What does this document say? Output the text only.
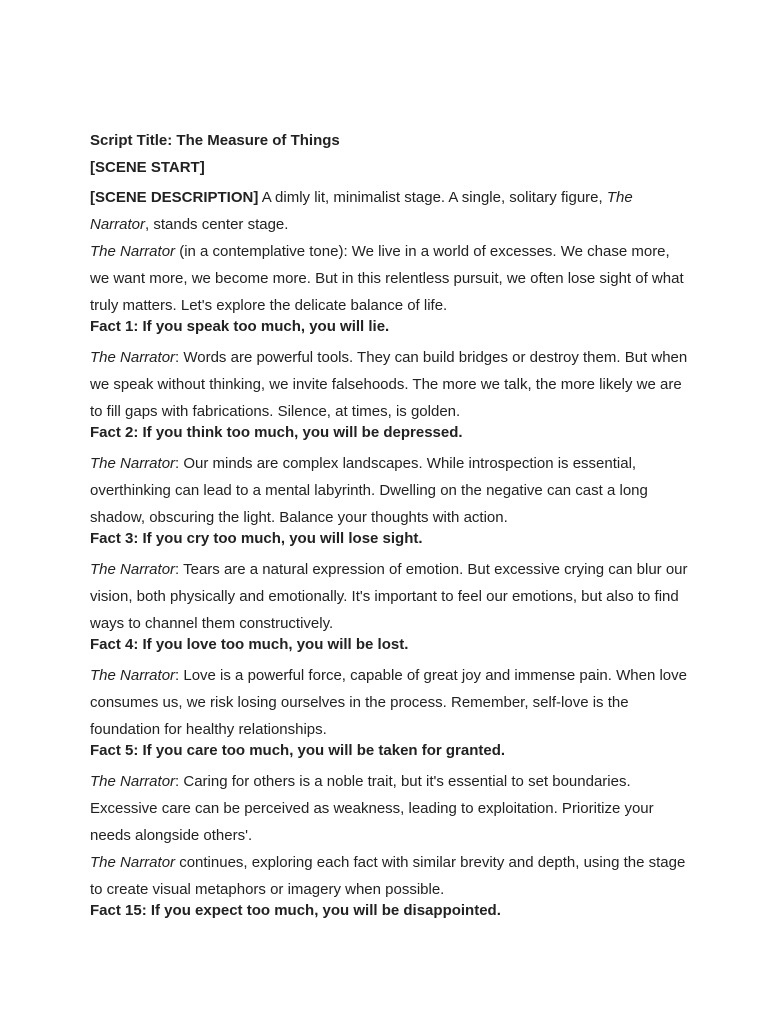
Script Title: The Measure of Things

[SCENE START]

[SCENE DESCRIPTION] A dimly lit, minimalist stage. A single, solitary figure, The Narrator, stands center stage.

The Narrator (in a contemplative tone): We live in a world of excesses. We chase more, we want more, we become more. But in this relentless pursuit, we often lose sight of what truly matters. Let's explore the delicate balance of life.

Fact 1: If you speak too much, you will lie.

The Narrator: Words are powerful tools. They can build bridges or destroy them. But when we speak without thinking, we invite falsehoods. The more we talk, the more likely we are to fill gaps with fabrications. Silence, at times, is golden.

Fact 2: If you think too much, you will be depressed.

The Narrator: Our minds are complex landscapes. While introspection is essential, overthinking can lead to a mental labyrinth. Dwelling on the negative can cast a long shadow, obscuring the light. Balance your thoughts with action.

Fact 3: If you cry too much, you will lose sight.

The Narrator: Tears are a natural expression of emotion. But excessive crying can blur our vision, both physically and emotionally. It's important to feel our emotions, but also to find ways to channel them constructively.

Fact 4: If you love too much, you will be lost.

The Narrator: Love is a powerful force, capable of great joy and immense pain. When love consumes us, we risk losing ourselves in the process. Remember, self-love is the foundation for healthy relationships.

Fact 5: If you care too much, you will be taken for granted.

The Narrator: Caring for others is a noble trait, but it's essential to set boundaries. Excessive care can be perceived as weakness, leading to exploitation. Prioritize your needs alongside others'.

The Narrator continues, exploring each fact with similar brevity and depth, using the stage to create visual metaphors or imagery when possible.

Fact 15: If you expect too much, you will be disappointed.
